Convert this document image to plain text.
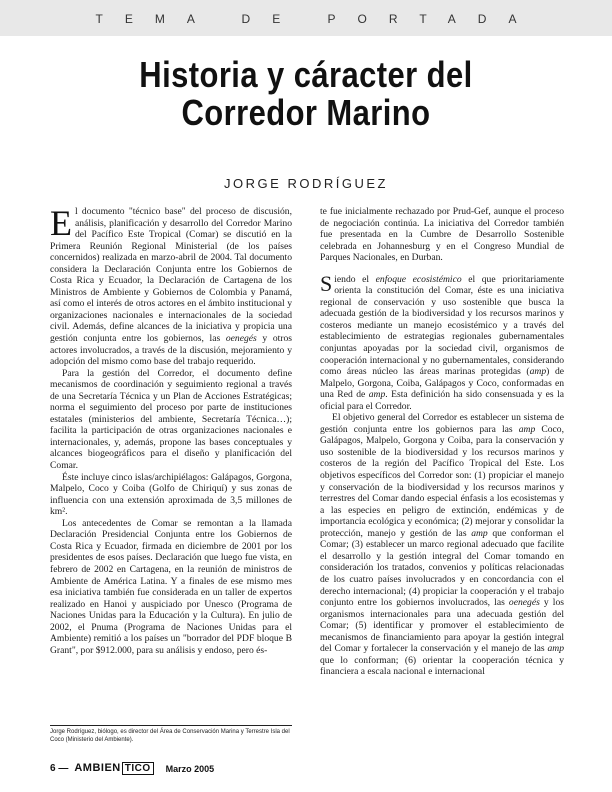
TEMA DE PORTADA
Historia y cáracter del
Corredor Marino
JORGE RODRÍGUEZ

El documento "técnico base" del proceso de discusión, análisis, planificación y desarrollo del Corredor Marino del Pacífico Este Tropical (Comar) se discutió en la Primera Reunión Regional Ministerial (de los países concernidos) realizada en marzo-abril de 2004. Tal documento considera la Declaración Conjunta entre los Gobiernos de Costa Rica y Ecuador, la Declaración de Cartagena de los Ministros de Ambiente y Gobiernos de Colombia y Panamá, así como el interés de otros actores en el ámbito institucional y organizaciones nacionales e internacionales de la sociedad civil. Además, define alcances de la iniciativa y propicia una gestión conjunta entre los gobiernos, las oenegés y otros actores involucrados, a través de la discusión, mejoramiento y adopción del mismo como base del trabajo requerido.

Para la gestión del Corredor, el documento define mecanismos de coordinación y seguimiento regional a través de una Secretaría Técnica y un Plan de Acciones Estratégicas; norma el seguimiento del proceso por parte de instituciones estatales (ministerios del ambiente, Secretaría Técnica…); facilita la participación de otras organizaciones nacionales e internacionales, y, además, propone las bases conceptuales y alcances biogeográficos para el diseño y planificación del Comar.

Éste incluye cinco islas/archipiélagos: Galápagos, Gorgona, Malpelo, Coco y Coiba (Golfo de Chiriquí) y sus zonas de influencia con una extensión aproximada de 3,5 millones de km².

Los antecedentes de Comar se remontan a la llamada Declaración Presidencial Conjunta entre los Gobiernos de Costa Rica y Ecuador, firmada en diciembre de 2001 por los presidentes de esos países. Declaración que luego fue vista, en febrero de 2002 en Cartagena, en la reunión de ministros de Ambiente de América Latina. Y a finales de ese mismo mes esa iniciativa también fue considerada en un taller de expertos realizado en Hanoi y auspiciado por Unesco (Programa de Naciones Unidas para la Educación y la Cultura). En julio de 2002, el Pnuma (Programa de Naciones Unidas para el Ambiente) remitió a los países un "borrador del PDF bloque B Grant", por $912.000, para su análisis y endoso, pero és-

te fue inicialmente rechazado por Prud-Gef, aunque el proceso de negociación continúa. La iniciativa del Corredor también fue presentada en la Cumbre de Desarrollo Sostenible celebrada en Johannesburg y en el Congreso Mundial de Parques Nacionales, en Durban.

Siendo el enfoque ecosistémico el que prioritariamente orienta la constitución del Comar, éste es una iniciativa regional de conservación y uso sostenible que busca la adecuada gestión de la biodiversidad y los recursos marinos y costeros mediante un manejo ecosistémico y a través del establecimiento de estrategias regionales gubernamentales conjuntas apoyadas por la sociedad civil, organismos de cooperación internacional y no gubernamentales, considerando como áreas núcleo las áreas marinas protegidas (amp) de Malpelo, Gorgona, Coiba, Galápagos y Coco, conformadas en una Red de amp. Esta definición ha sido consensuada y es la oficial para el Corredor.

El objetivo general del Corredor es establecer un sistema de gestión conjunta entre los gobiernos para las amp Coco, Galápagos, Malpelo, Gorgona y Coiba, para la conservación y uso sostenible de la biodiversidad y los recursos marinos y costeros de la región del Pacífico Tropical del Este. Los objetivos específicos del Corredor son: (1) propiciar el manejo y conservación de la biodiversidad y los recursos marinos y terrestres del Comar dando especial énfasis a los ecosistemas y a las especies en peligro de extinción, endémicas y de importancia ecológica y económica; (2) mejorar y consolidar la protección, manejo y gestión de las amp que conforman el Comar; (3) establecer un marco regional adecuado que facilite el desarrollo y la gestión integral del Comar tomando en consideración los tratados, convenios y políticas relacionadas de los cuatro países involucrados y en concordancia con el derecho internacional; (4) propiciar la cooperación y el trabajo conjunto entre los gobiernos involucrados, las oenegés y los organismos internacionales para una adecuada gestión del Comar; (5) identificar y promover el establecimiento de mecanismos de financiamiento para apoyar la gestión integral del Comar y fortalecer la conservación y el manejo de las amp que lo conforman; (6) orientar la cooperación técnica y financiera a escala nacional e internacional

Jorge Rodríguez, biólogo, es director del Área de Conservación Marina y Terrestre Isla del Coco (Ministerio del Ambiente).
6 — AMBIEN TICO	Marzo 2005
